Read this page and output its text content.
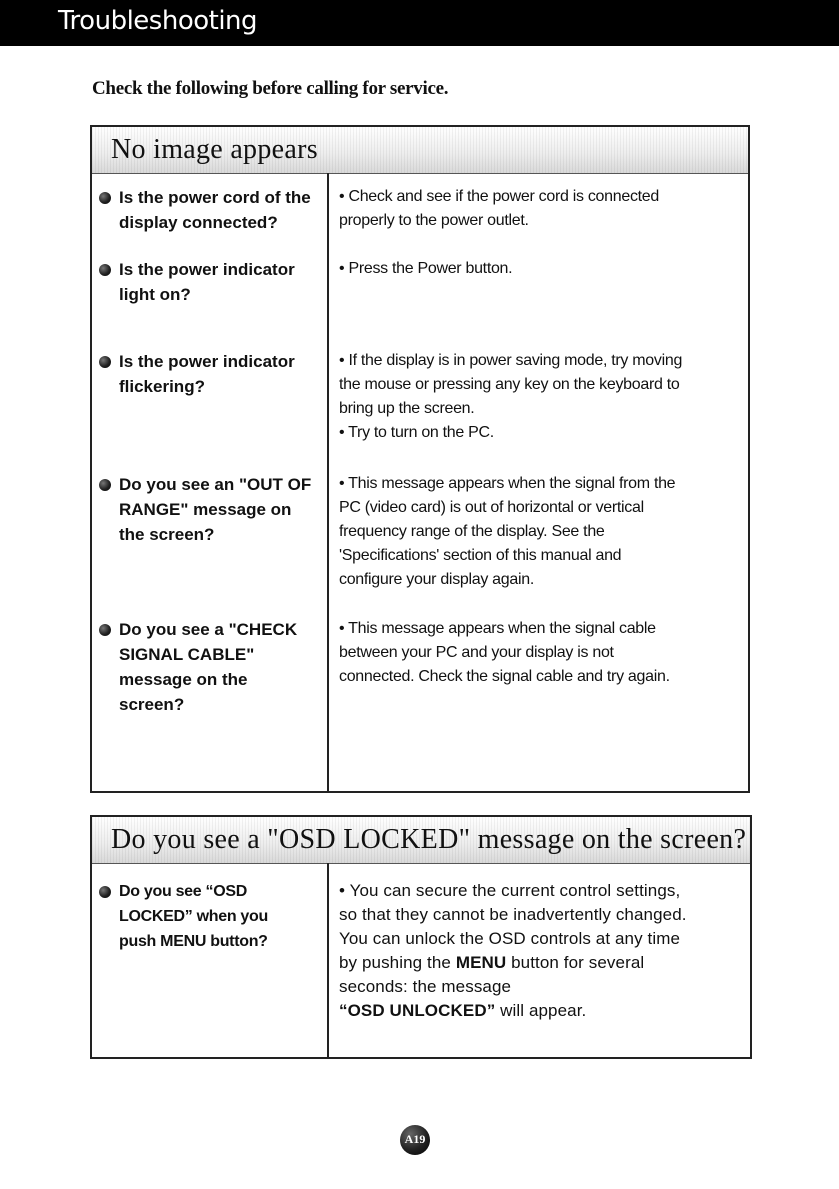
Troubleshooting
Check the following before calling for service.
No image appears
Is the power cord of the
display connected?
• Check and see if the power cord is connected
properly to the power outlet.
Is the power indicator
light on?
• Press the Power button.
Is the power indicator
flickering?
• If the display is in power saving mode, try moving
the mouse or pressing any key on the keyboard to
bring up the screen.
• Try to turn on the PC.
Do you see an "OUT OF
RANGE" message on
the screen?
• This message appears when the signal from the
PC (video card) is out of horizontal or vertical
frequency range of the display. See the
'Specifications' section of this manual and
configure your display again.
Do you see a "CHECK
SIGNAL CABLE"
message on the
screen?
• This message appears when the signal cable
between your PC and your display is not
connected. Check the signal cable and try again.
Do you see a "OSD LOCKED" message on the screen?
Do you see “OSD
LOCKED” when you
push MENU button?
• You can secure the current control settings,
so that they cannot be inadvertently changed.
You can unlock the OSD controls at any time
by pushing the MENU button for several
seconds: the message
“OSD UNLOCKED” will appear.
A19
